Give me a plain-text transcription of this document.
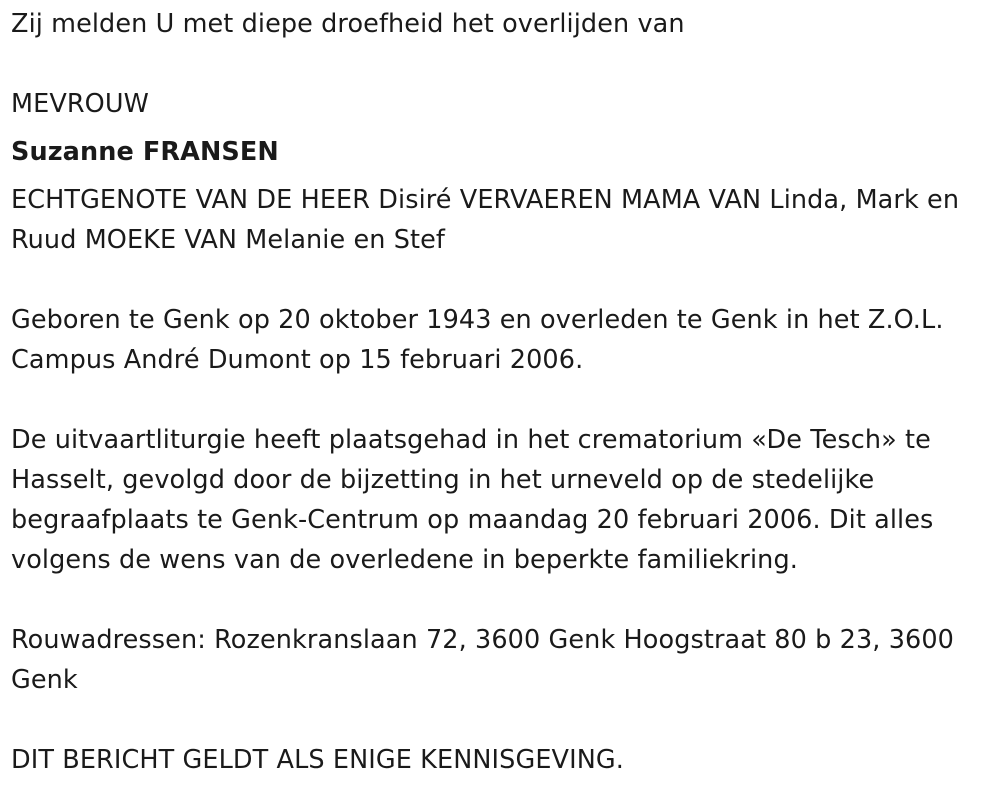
Zij melden U met diepe droefheid het overlijden van
MEVROUW
Suzanne FRANSEN
ECHTGENOTE VAN DE HEER Disiré VERVAEREN MAMA VAN Linda, Mark en Ruud MOEKE VAN Melanie en Stef
Geboren te Genk op 20 oktober 1943 en overleden te Genk in het Z.O.L. Campus André Dumont op 15 februari 2006.
De uitvaartliturgie heeft plaatsgehad in het crematorium «De Tesch» te Hasselt, gevolgd door de bijzetting in het urneveld op de stedelijke begraafplaats te Genk-Centrum op maandag 20 februari 2006. Dit alles volgens de wens van de overledene in beperkte familiekring.
Rouwadressen: Rozenkranslaan 72, 3600 Genk Hoogstraat 80 b 23, 3600 Genk
DIT BERICHT GELDT ALS ENIGE KENNISGEVING.
